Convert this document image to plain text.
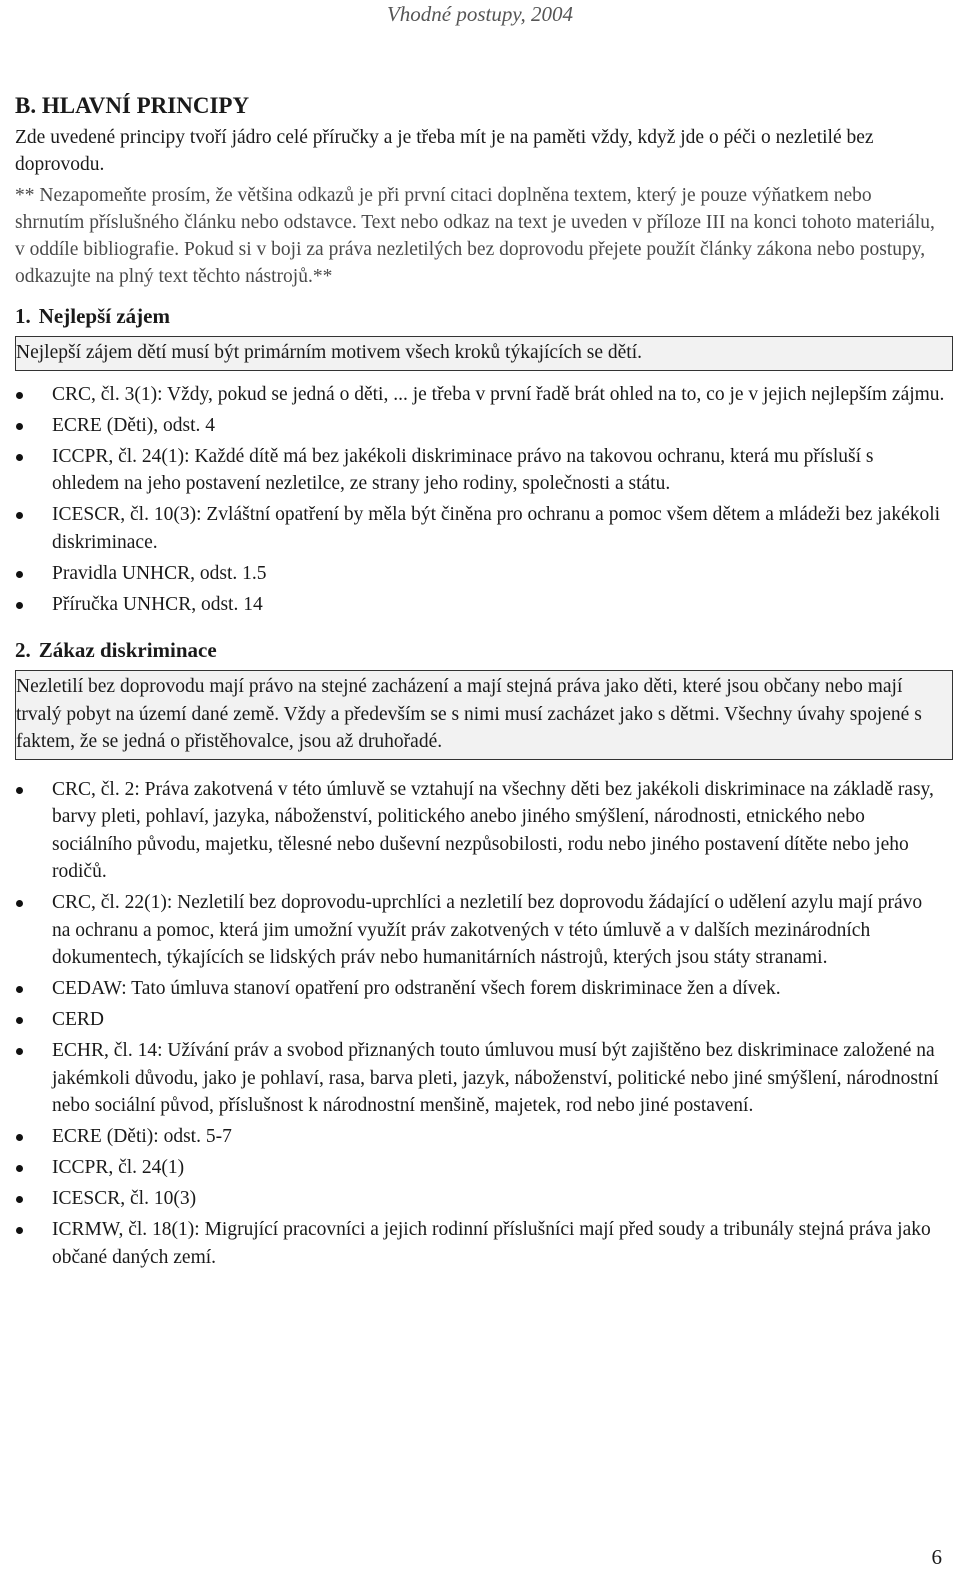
Vhodné postupy, 2004
B. HLAVNÍ PRINCIPY

Zde uvedené principy tvoří jádro celé příručky a je třeba mít je na paměti vždy, když jde o péči o nezletilé bez doprovodu.

** Nezapomeňte prosím, že většina odkazů je při první citaci doplněna textem, který je pouze výňatkem nebo shrnutím příslušného článku nebo odstavce. Text nebo odkaz na text je uveden v příloze III na konci tohoto materiálu, v oddíle bibliografie. Pokud si v boji za práva nezletilých bez doprovodu přejete použít články zákona nebo postupy, odkazujte na plný text těchto nástrojů.**

1. Nejlepší zájem
Nejlepší zájem dětí musí být primárním motivem všech kroků týkajících se dětí.
CRC, čl. 3(1): Vždy, pokud se jedná o děti, ... je třeba v první řadě brát ohled na to, co je v jejich nejlepším zájmu.
ECRE (Děti), odst. 4
ICCPR, čl. 24(1): Každé dítě má bez jakékoli diskriminace právo na takovou ochranu, která mu přísluší s ohledem na jeho postavení nezletilce, ze strany jeho rodiny, společnosti a státu.
ICESCR, čl. 10(3): Zvláštní opatření by měla být činěna pro ochranu a pomoc všem dětem a mládeži bez jakékoli diskriminace.
Pravidla UNHCR, odst. 1.5
Příručka UNHCR, odst. 14
2. Zákaz diskriminace
Nezletilí bez doprovodu mají právo na stejné zacházení a mají stejná práva jako děti, které jsou občany nebo mají trvalý pobyt na území dané země. Vždy a především se s nimi musí zacházet jako s dětmi. Všechny úvahy spojené s faktem, že se jedná o přistěhovalce, jsou až druhořadé.
CRC, čl. 2: Práva zakotvená v této úmluvě se vztahují na všechny děti bez jakékoli diskriminace na základě rasy, barvy pleti, pohlaví, jazyka, náboženství, politického anebo jiného smýšlení, národnosti, etnického nebo sociálního původu, majetku, tělesné nebo duševní nezpůsobilosti, rodu nebo jiného postavení dítěte nebo jeho rodičů.
CRC, čl. 22(1): Nezletilí bez doprovodu-uprchlíci a nezletilí bez doprovodu žádající o udělení azylu mají právo na ochranu a pomoc, která jim umožní využít práv zakotvených v této úmluvě a v dalších mezinárodních dokumentech, týkajících se lidských práv nebo humanitárních nástrojů, kterých jsou státy stranami.
CEDAW: Tato úmluva stanoví opatření pro odstranění všech forem diskriminace žen a dívek.
CERD
ECHR, čl. 14: Užívání práv a svobod přiznaných touto úmluvou musí být zajištěno bez diskriminace založené na jakémkoli důvodu, jako je pohlaví, rasa, barva pleti, jazyk, náboženství, politické nebo jiné smýšlení, národnostní nebo sociální původ, příslušnost k národnostní menšině, majetek, rod nebo jiné postavení.
ECRE (Děti): odst. 5-7
ICCPR, čl. 24(1)
ICESCR, čl. 10(3)
ICRMW, čl. 18(1): Migrující pracovníci a jejich rodinní příslušníci mají před soudy a tribunály stejná práva jako občané daných zemí.
6
